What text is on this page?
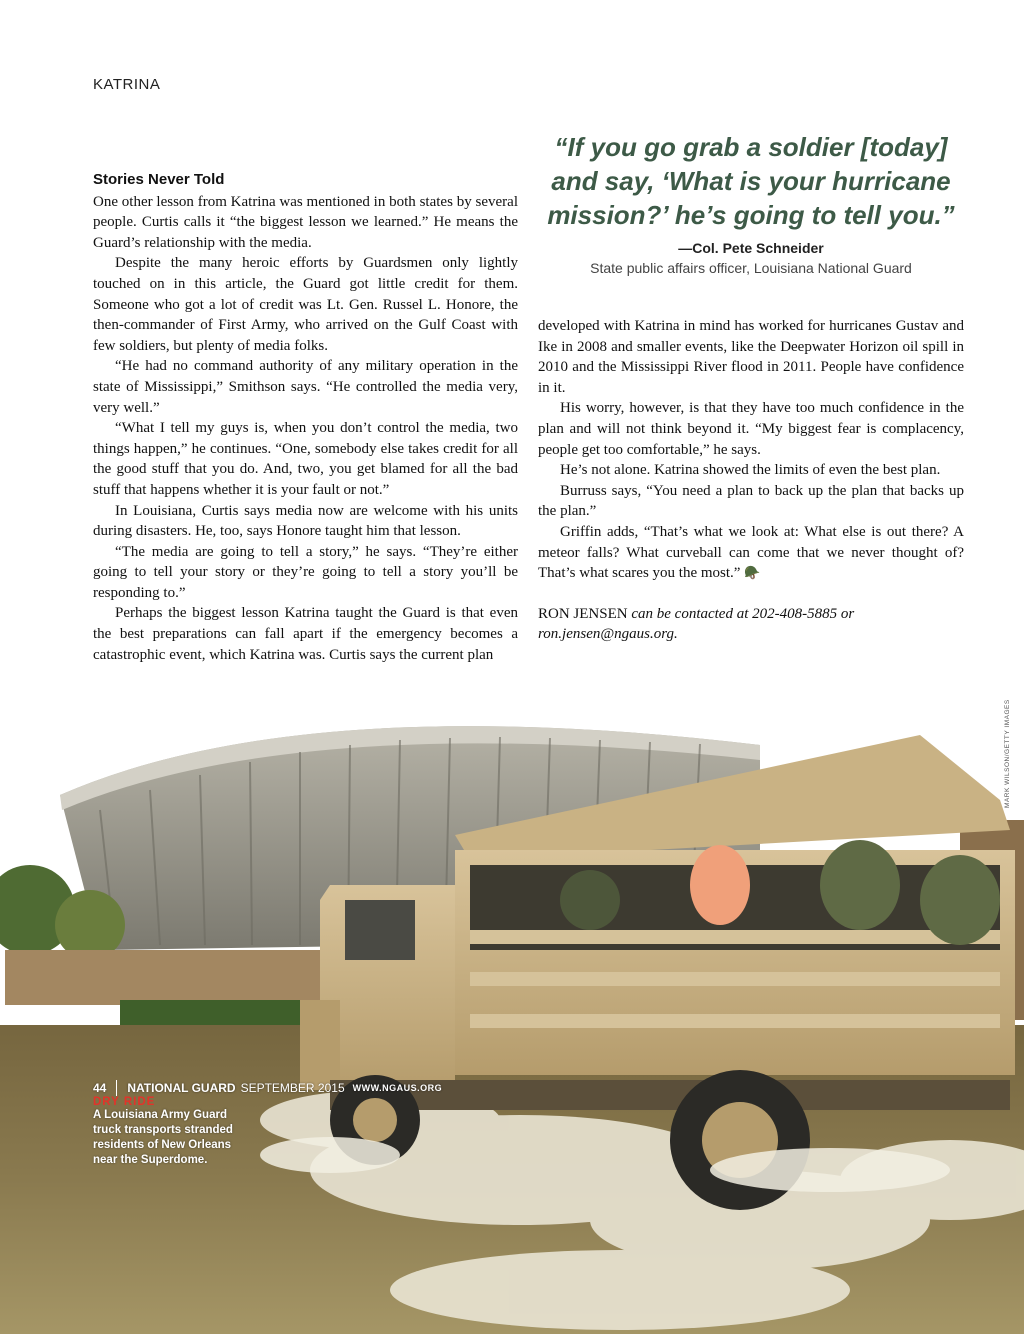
KATRINA

“If you go grab a soldier [today] and say, ‘What is your hurricane mission?’ he’s going to tell you.”

—Col. Pete Schneider
State public affairs officer, Louisiana National Guard
Stories Never Told

One other lesson from Katrina was mentioned in both states by several people. Curtis calls it “the biggest lesson we learned.” He means the Guard’s relationship with the media.

Despite the many heroic efforts by Guardsmen only lightly touched on in this article, the Guard got little credit for them. Someone who got a lot of credit was Lt. Gen. Russel L. Honore, the then-commander of First Army, who arrived on the Gulf Coast with few soldiers, but plenty of media folks.

“He had no command authority of any military operation in the state of Mississippi,” Smithson says. “He controlled the media very, very well.”

“What I tell my guys is, when you don’t control the media, two things happen,” he continues. “One, somebody else takes credit for all the good stuff that you do. And, two, you get blamed for all the bad stuff that happens whether it is your fault or not.”

In Louisiana, Curtis says media now are welcome with his units during disasters. He, too, says Honore taught him that lesson.

“The media are going to tell a story,” he says. “They’re either going to tell your story or they’re going to tell a story you’ll be responding to.”

Perhaps the biggest lesson Katrina taught the Guard is that even the best preparations can fall apart if the emergency becomes a catastrophic event, which Katrina was. Curtis says the current plan

developed with Katrina in mind has worked for hurricanes Gustav and Ike in 2008 and smaller events, like the Deepwater Horizon oil spill in 2010 and the Mississippi River flood in 2011. People have confidence in it.

His worry, however, is that they have too much confidence in the plan and will not think beyond it. “My biggest fear is complacency, people get too comfortable,” he says.

He’s not alone. Katrina showed the limits of even the best plan.

Burruss says, “You need a plan to back up the plan that backs up the plan.”

Griffin adds, “That’s what we look at: What else is out there? A meteor falls? What curveball can come that we never thought of? That’s what scares you the most.” 🪖

RON JENSEN can be contacted at 202-408-5885 or ron.jensen@ngaus.org.

MARK WILSON/GETTY IMAGES
DRY RIDE
A Louisiana Army Guard truck transports stranded residents of New Orleans near the Superdome.
44 NATIONAL GUARD SEPTEMBER 2015 WWW.NGAUS.ORG
